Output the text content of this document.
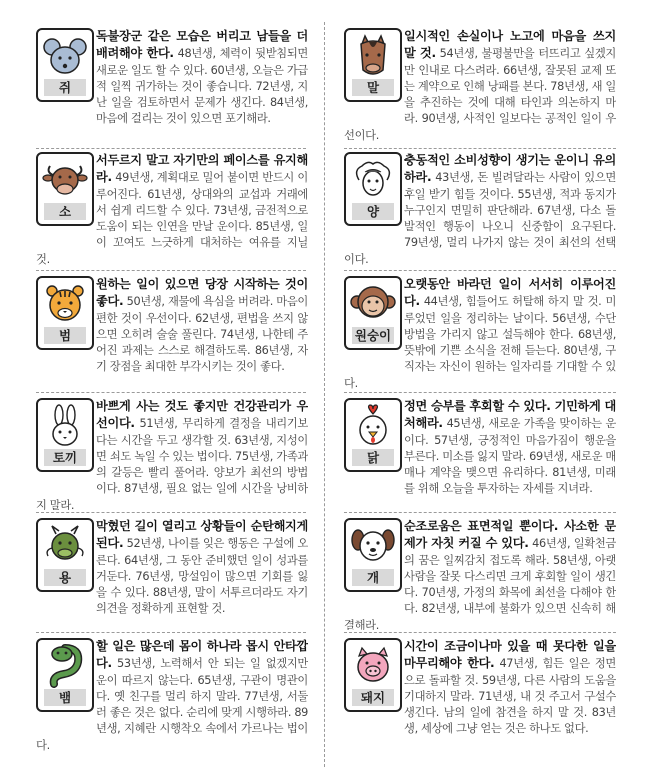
쥐

독불장군 같은 모습은 버리고 남들을 더 배려해야 한다. 48년생, 체력이 뒷받침되면 새로운 일도 할 수 있다. 60년생, 오늘은 가급적 일찍 귀가하는 것이 좋습니다. 72년생, 지난 일을 검토하면서 문제가 생긴다. 84년생, 마음에 걸리는 것이 있으면 포기해라.

말

일시적인 손실이나 노고에 마음을 쓰지 말 것. 54년생, 불평불만을 터뜨리고 싶겠지만 인내로 다스려라. 66년생, 잘못된 교제 또는 계약으로 인해 낭패를 본다. 78년생, 새 일을 추진하는 것에 대해 타인과 의논하지 마라. 90년생, 사적인 일보다는 공적인 일이 우선이다.

소

서두르지 말고 자기만의 페이스를 유지해라. 49년생, 계획대로 밀어 붙이면 반드시 이루어진다. 61년생, 상대와의 교섭과 거래에서 쉽게 리드할 수 있다. 73년생, 금전적으로 도움이 되는 인연을 만날 운이다. 85년생, 일이 꼬여도 느긋하게 대처하는 여유를 지닐 것.

양

충동적인 소비성향이 생기는 운이니 유의하라. 43년생, 돈 빌려달라는 사람이 있으면 후일 받기 힘들 것이다. 55년생, 적과 동지가 누구인지 면밀히 판단해라. 67년생, 다소 돌발적인 행동이 나오니 신중함이 요구된다. 79년생, 멀리 나가지 않는 것이 최선의 선택이다.

범

원하는 일이 있으면 당장 시작하는 것이 좋다. 50년생, 재물에 욕심을 버려라. 마음이 편한 것이 우선이다. 62년생, 편법을 쓰지 않으면 오히려 술술 풀린다. 74년생, 나한테 주어진 과제는 스스로 해결하도록. 86년생, 자기 장점을 최대한 부각시키는 것이 좋다.

원숭이

오랫동안 바라던 일이 서서히 이루어진다. 44년생, 힘들어도 허탈해 하지 말 것. 미루었던 일을 정리하는 날이다. 56년생, 수단 방법을 가리지 않고 설득해야 한다. 68년생, 뜻밖에 기쁜 소식을 전해 듣는다. 80년생, 구직자는 자신이 원하는 일자리를 기대할 수 있다.

토끼

바쁘게 사는 것도 좋지만 건강관리가 우선이다. 51년생, 무리하게 결정을 내리기보다는 시간을 두고 생각할 것. 63년생, 지성이면 쇠도 녹일 수 있는 법이다. 75년생, 가족과의 갈등은 빨리 풀어라. 양보가 최선의 방법이다. 87년생, 필요 없는 일에 시간을 낭비하지 말라.

닭

정면 승부를 후회할 수 있다. 기민하게 대처해라. 45년생, 새로운 가족을 맞이하는 운이다. 57년생, 긍정적인 마음가짐이 행운을 부른다. 미소를 잃지 말라. 69년생, 새로운 매매나 계약을 맺으면 유리하다. 81년생, 미래를 위해 오늘을 투자하는 자세를 지녀라.

용

막혔던 길이 열리고 상황들이 순탄해지게 된다. 52년생, 나이를 잊은 행동은 구설에 오른다. 64년생, 그 동안 준비했던 일이 성과를 거둔다. 76년생, 망설임이 많으면 기회를 잃을 수 있다. 88년생, 말이 서투르더라도 자기 의견을 정확하게 표현할 것.

개

순조로움은 표면적일 뿐이다. 사소한 문제가 자칫 커질 수 있다. 46년생, 일확천금의 꿈은 일찌감치 접도록 해라. 58년생, 아랫사람을 잘못 다스리면 크게 후회할 일이 생긴다. 70년생, 가정의 화목에 최선을 다해야 한다. 82년생, 내부에 불화가 있으면 신속히 해결해라.

뱀

할 일은 많은데 몸이 하나라 몹시 안타깝다. 53년생, 노력해서 안 되는 일 없겠지만 운이 따르지 않는다. 65년생, 구관이 명관이다. 옛 친구를 멀리 하지 말라. 77년생, 서둘러 좋은 것은 없다. 순리에 맞게 시행하라. 89년생, 지혜란 시행착오 속에서 가르나는 법이다.

돼지

시간이 조금이나마 있을 때 못다한 일을 마무리해야 한다. 47년생, 힘든 일은 정면으로 돌파할 것. 59년생, 다른 사람의 도움을 기대하지 말라. 71년생, 내 것 주고서 구설수 생긴다. 남의 일에 참견을 하지 말 것. 83년생, 세상에 그냥 얻는 것은 하나도 없다.
